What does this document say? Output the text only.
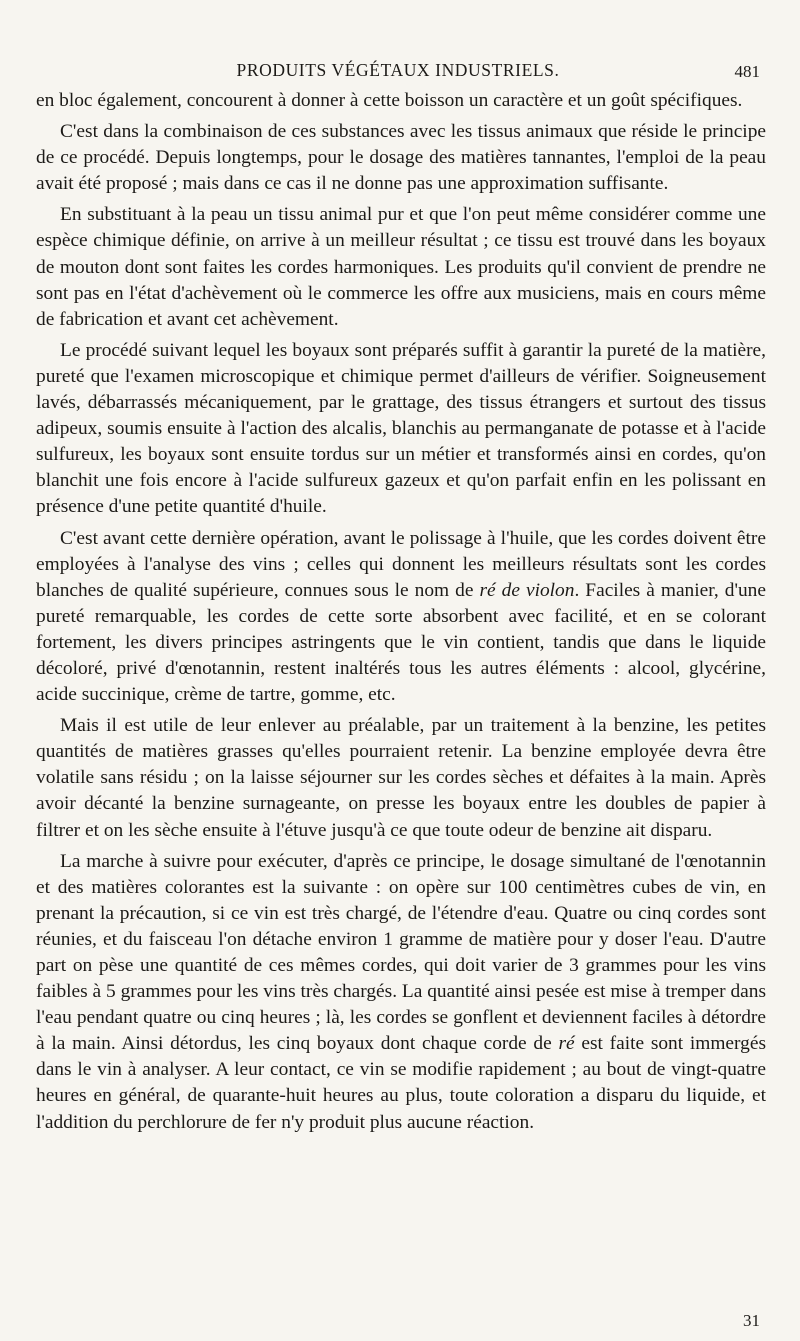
PRODUITS VÉGÉTAUX INDUSTRIELS.	481

en bloc également, concourent à donner à cette boisson un caractère et un goût spécifiques.

C'est dans la combinaison de ces substances avec les tissus animaux que réside le principe de ce procédé. Depuis longtemps, pour le dosage des matières tannantes, l'emploi de la peau avait été proposé ; mais dans ce cas il ne donne pas une approximation suffisante.

En substituant à la peau un tissu animal pur et que l'on peut même considérer comme une espèce chimique définie, on arrive à un meilleur résultat ; ce tissu est trouvé dans les boyaux de mouton dont sont faites les cordes harmoniques. Les produits qu'il convient de prendre ne sont pas en l'état d'achèvement où le commerce les offre aux musiciens, mais en cours même de fabrication et avant cet achèvement.

Le procédé suivant lequel les boyaux sont préparés suffit à garantir la pureté de la matière, pureté que l'examen microscopique et chimique permet d'ailleurs de vérifier. Soigneusement lavés, débarrassés mécaniquement, par le grattage, des tissus étrangers et surtout des tissus adipeux, soumis ensuite à l'action des alcalis, blanchis au permanganate de potasse et à l'acide sulfureux, les boyaux sont ensuite tordus sur un métier et transformés ainsi en cordes, qu'on blanchit une fois encore à l'acide sulfureux gazeux et qu'on parfait enfin en les polissant en présence d'une petite quantité d'huile.

C'est avant cette dernière opération, avant le polissage à l'huile, que les cordes doivent être employées à l'analyse des vins ; celles qui donnent les meilleurs résultats sont les cordes blanches de qualité supérieure, connues sous le nom de ré de violon. Faciles à manier, d'une pureté remarquable, les cordes de cette sorte absorbent avec facilité, et en se colorant fortement, les divers principes astringents que le vin contient, tandis que dans le liquide décoloré, privé d'œnotannin, restent inaltérés tous les autres éléments : alcool, glycérine, acide succinique, crème de tartre, gomme, etc.

Mais il est utile de leur enlever au préalable, par un traitement à la benzine, les petites quantités de matières grasses qu'elles pourraient retenir. La benzine employée devra être volatile sans résidu ; on la laisse séjourner sur les cordes sèches et défaites à la main. Après avoir décanté la benzine surnageante, on presse les boyaux entre les doubles de papier à filtrer et on les sèche ensuite à l'étuve jusqu'à ce que toute odeur de benzine ait disparu.

La marche à suivre pour exécuter, d'après ce principe, le dosage simultané de l'œnotannin et des matières colorantes est la suivante : on opère sur 100 centimètres cubes de vin, en prenant la précaution, si ce vin est très chargé, de l'étendre d'eau. Quatre ou cinq cordes sont réunies, et du faisceau l'on détache environ 1 gramme de matière pour y doser l'eau. D'autre part on pèse une quantité de ces mêmes cordes, qui doit varier de 3 grammes pour les vins faibles à 5 grammes pour les vins très chargés. La quantité ainsi pesée est mise à tremper dans l'eau pendant quatre ou cinq heures ; là, les cordes se gonflent et deviennent faciles à détordre à la main. Ainsi détordus, les cinq boyaux dont chaque corde de ré est faite sont immergés dans le vin à analyser. A leur contact, ce vin se modifie rapidement ; au bout de vingt-quatre heures en général, de quarante-huit heures au plus, toute coloration a disparu du liquide, et l'addition du perchlorure de fer n'y produit plus aucune réaction.

31
